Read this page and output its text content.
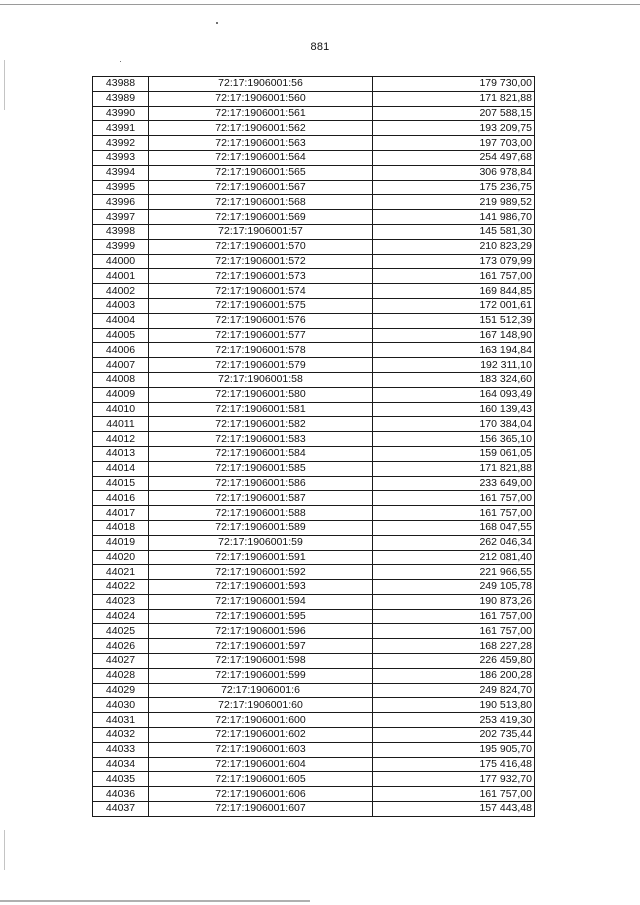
881
43988	72:17:1906001:56	179 730,00
43989	72:17:1906001:560	171 821,88
43990	72:17:1906001:561	207 588,15
43991	72:17:1906001:562	193 209,75
43992	72:17:1906001:563	197 703,00
43993	72:17:1906001:564	254 497,68
43994	72:17:1906001:565	306 978,84
43995	72:17:1906001:567	175 236,75
43996	72:17:1906001:568	219 989,52
43997	72:17:1906001:569	141 986,70
43998	72:17:1906001:57	145 581,30
43999	72:17:1906001:570	210 823,29
44000	72:17:1906001:572	173 079,99
44001	72:17:1906001:573	161 757,00
44002	72:17:1906001:574	169 844,85
44003	72:17:1906001:575	172 001,61
44004	72:17:1906001:576	151 512,39
44005	72:17:1906001:577	167 148,90
44006	72:17:1906001:578	163 194,84
44007	72:17:1906001:579	192 311,10
44008	72:17:1906001:58	183 324,60
44009	72:17:1906001:580	164 093,49
44010	72:17:1906001:581	160 139,43
44011	72:17:1906001:582	170 384,04
44012	72:17:1906001:583	156 365,10
44013	72:17:1906001:584	159 061,05
44014	72:17:1906001:585	171 821,88
44015	72:17:1906001:586	233 649,00
44016	72:17:1906001:587	161 757,00
44017	72:17:1906001:588	161 757,00
44018	72:17:1906001:589	168 047,55
44019	72:17:1906001:59	262 046,34
44020	72:17:1906001:591	212 081,40
44021	72:17:1906001:592	221 966,55
44022	72:17:1906001:593	249 105,78
44023	72:17:1906001:594	190 873,26
44024	72:17:1906001:595	161 757,00
44025	72:17:1906001:596	161 757,00
44026	72:17:1906001:597	168 227,28
44027	72:17:1906001:598	226 459,80
44028	72:17:1906001:599	186 200,28
44029	72:17:1906001:6	249 824,70
44030	72:17:1906001:60	190 513,80
44031	72:17:1906001:600	253 419,30
44032	72:17:1906001:602	202 735,44
44033	72:17:1906001:603	195 905,70
44034	72:17:1906001:604	175 416,48
44035	72:17:1906001:605	177 932,70
44036	72:17:1906001:606	161 757,00
44037	72:17:1906001:607	157 443,48
